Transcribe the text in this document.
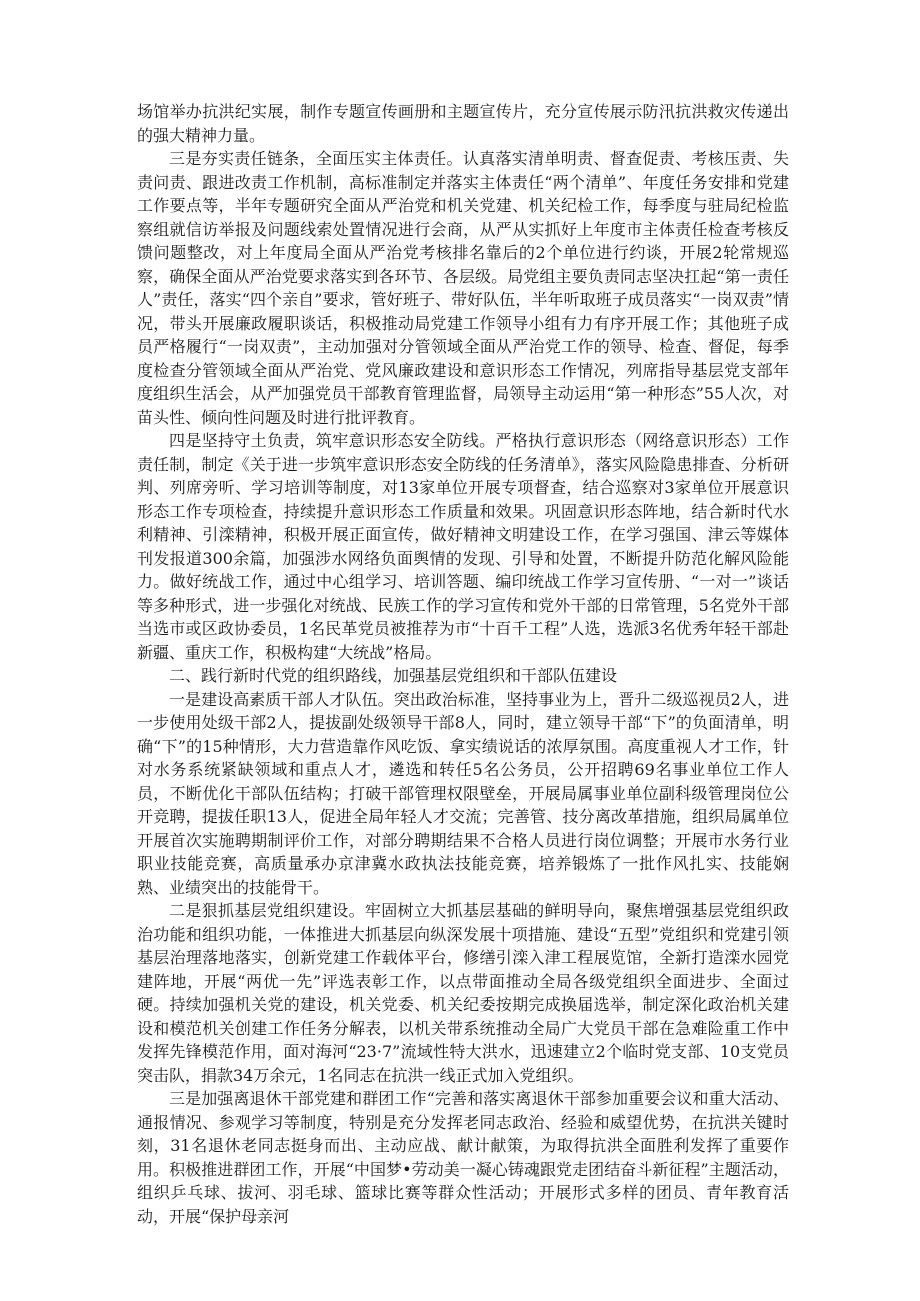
场馆举办抗洪纪实展，制作专题宣传画册和主题宣传片，充分宣传展示防汛抗洪救灾传递出的强大精神力量。

三是夯实责任链条，全面压实主体责任。认真落实清单明责、督查促责、考核压责、失责问责、跟进改责工作机制，高标准制定并落实主体责任“两个清单”、年度任务安排和党建工作要点等，半年专题研究全面从严治党和机关党建、机关纪检工作，每季度与驻局纪检监察组就信访举报及问题线索处置情况进行会商，从严从实抓好上年度市主体责任检查考核反馈问题整改，对上年度局全面从严治党考核排名靠后的2个单位进行约谈，开展2轮常规巡察，确保全面从严治党要求落实到各环节、各层级。局党组主要负责同志坚决扛起“第一责任人”责任，落实“四个亲自”要求，管好班子、带好队伍，半年听取班子成员落实“一岗双责”情况，带头开展廉政履职谈话，积极推动局党建工作领导小组有力有序开展工作；其他班子成员严格履行“一岗双责”，主动加强对分管领域全面从严治党工作的领导、检查、督促，每季度检查分管领域全面从严治党、党风廉政建设和意识形态工作情况，列席指导基层党支部年度组织生活会，从严加强党员干部教育管理监督，局领导主动运用“第一种形态”55人次，对苗头性、倾向性问题及时进行批评教育。

四是坚持守土负责，筑牢意识形态安全防线。严格执行意识形态（网络意识形态）工作责任制，制定《关于进一步筑牢意识形态安全防线的任务清单》，落实风险隐患排查、分析研判、列席旁听、学习培训等制度，对13家单位开展专项督查，结合巡察对3家单位开展意识形态工作专项检查，持续提升意识形态工作质量和效果。巩固意识形态阵地，结合新时代水利精神、引滦精神，积极开展正面宣传，做好精神文明建设工作，在学习强国、津云等媒体刊发报道300余篇，加强涉水网络负面舆情的发现、引导和处置，不断提升防范化解风险能力。做好统战工作，通过中心组学习、培训答题、编印统战工作学习宣传册、“一对一”谈话等多种形式，进一步强化对统战、民族工作的学习宣传和党外干部的日常管理，5名党外干部当选市或区政协委员，1名民革党员被推荐为市“十百千工程”人选，选派3名优秀年轻干部赴新疆、重庆工作，积极构建“大统战”格局。

二、践行新时代党的组织路线，加强基层党组织和干部队伍建设

一是建设高素质干部人才队伍。突出政治标准，坚持事业为上，晋升二级巡视员2人，进一步使用处级干部2人，提拔副处级领导干部8人，同时，建立领导干部“下”的负面清单，明确“下”的15种情形，大力营造靠作风吃饭、拿实绩说话的浓厚氛围。高度重视人才工作，针对水务系统紧缺领域和重点人才，遴选和转任5名公务员，公开招聘69名事业单位工作人员，不断优化干部队伍结构；打破干部管理权限壁垒，开展局属事业单位副科级管理岗位公开竞聘，提拔任职13人，促进全局年轻人才交流；完善管、技分离改革措施，组织局属单位开展首次实施聘期制评价工作，对部分聘期结果不合格人员进行岗位调整；开展市水务行业职业技能竞赛，高质量承办京津冀水政执法技能竞赛，培养锻炼了一批作风扎实、技能娴熟、业绩突出的技能骨干。

二是狠抓基层党组织建设。牢固树立大抓基层基础的鲜明导向，聚焦增强基层党组织政治功能和组织功能，一体推进大抓基层向纵深发展十项措施、建设“五型”党组织和党建引领基层治理落地落实，创新党建工作载体平台，修缮引滦入津工程展览馆，全新打造滦水园党建阵地，开展“两优一先”评选表彰工作，以点带面推动全局各级党组织全面进步、全面过硬。持续加强机关党的建设，机关党委、机关纪委按期完成换届选举，制定深化政治机关建设和模范机关创建工作任务分解表，以机关带系统推动全局广大党员干部在急难险重工作中发挥先锋模范作用，面对海河“23·7”流域性特大洪水，迅速建立2个临时党支部、10支党员突击队，捐款34万余元，1名同志在抗洪一线正式加入党组织。

三是加强离退休干部党建和群团工作“完善和落实离退休干部参加重要会议和重大活动、通报情况、参观学习等制度，特别是充分发挥老同志政治、经验和威望优势，在抗洪关键时刻，31名退休老同志挺身而出、主动应战、献计献策，为取得抗洪全面胜利发挥了重要作用。积极推进群团工作，开展“中国梦•劳动美一凝心铸魂跟党走团结奋斗新征程”主题活动，组织乒乓球、拔河、羽毛球、篮球比赛等群众性活动；开展形式多样的团员、青年教育活动，开展“保护母亲河
